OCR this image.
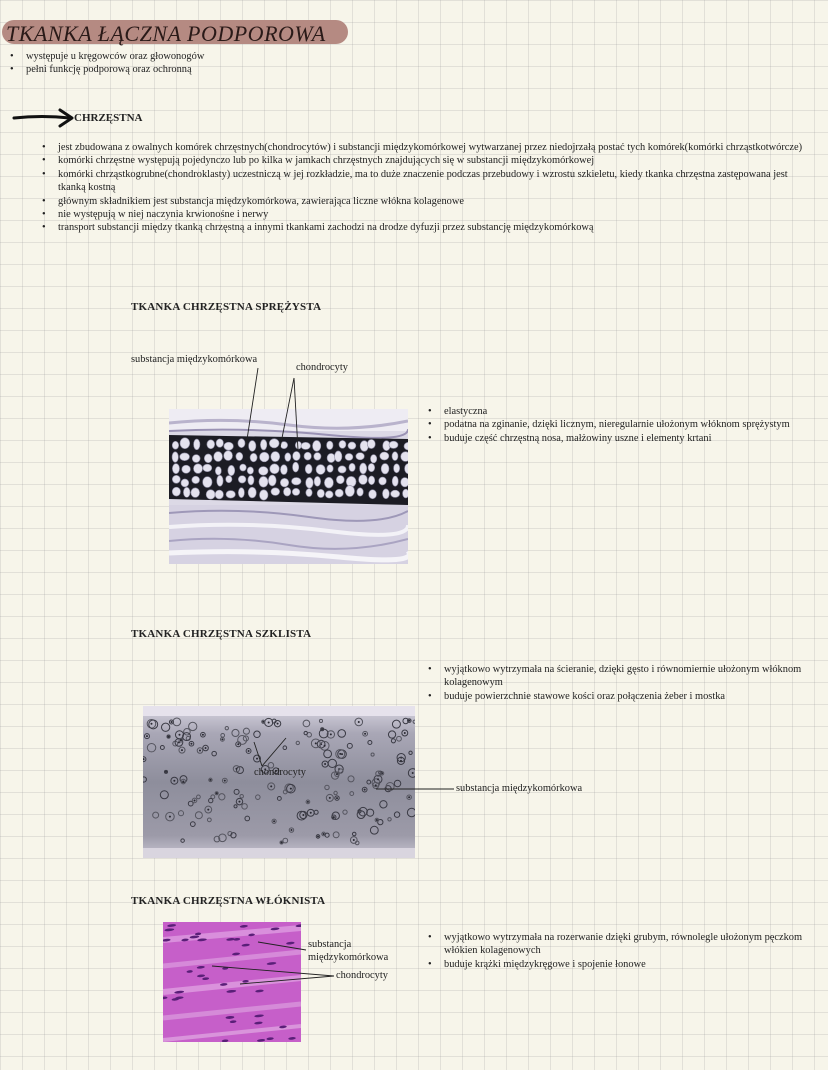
TKANKA ŁĄCZNA PODPOROWA
• występuje u kręgowców oraz głowonogów
• pełni funkcję podporową oraz ochronną
CHRZĘSTNA
• jest zbudowana z owalnych komórek chrzęstnych(chondrocytów) i substancji międzykomórkowej wytwarzanej przez niedojrzałą postać tych komórek(komórki chrząstkotwórcze)
• komórki chrzęstne występują pojedynczo lub po kilka w jamkach chrzęstnych znajdujących się w substancji międzykomórkowej
• komórki chrząstkogrubne(chondroklasty) uczestniczą w jej rozkładzie, ma to duże znaczenie podczas przebudowy i wzrostu szkieletu, kiedy tkanka chrzęstna zastępowana jest tkanką kostną
• głównym składnikiem jest substancja międzykomórkowa, zawierająca liczne włókna kolagenowe
• nie występują w niej naczynia krwionośne i nerwy
• transport substancji między tkanką chrzęstną a innymi tkankami zachodzi na drodze dyfuzji przez substancję międzykomórkową
TKANKA CHRZĘSTNA SPRĘŻYSTA
substancja międzykomórkowa
chondrocyty
• elastyczna
• podatna na zginanie, dzięki licznym, nieregularnie ułożonym włóknom sprężystym
• buduje część chrzęstną nosa, małżowiny uszne i elementy krtani
TKANKA CHRZĘSTNA SZKLISTA
• wyjątkowo wytrzymała na ścieranie, dzięki gęsto i równomiernie ułożonym włóknom kolagenowym
• buduje powierzchnie stawowe kości oraz połączenia żeber i mostka
chondrocyty
substancja międzykomórkowa
TKANKA CHRZĘSTNA WŁÓKNISTA
substancja
międzykomórkowa
chondrocyty
• wyjątkowo wytrzymała na rozerwanie dzięki grubym, równolegle ułożonym pęczkom włókien kolagenowych
• buduje krążki międzykręgowe i spojenie łonowe
